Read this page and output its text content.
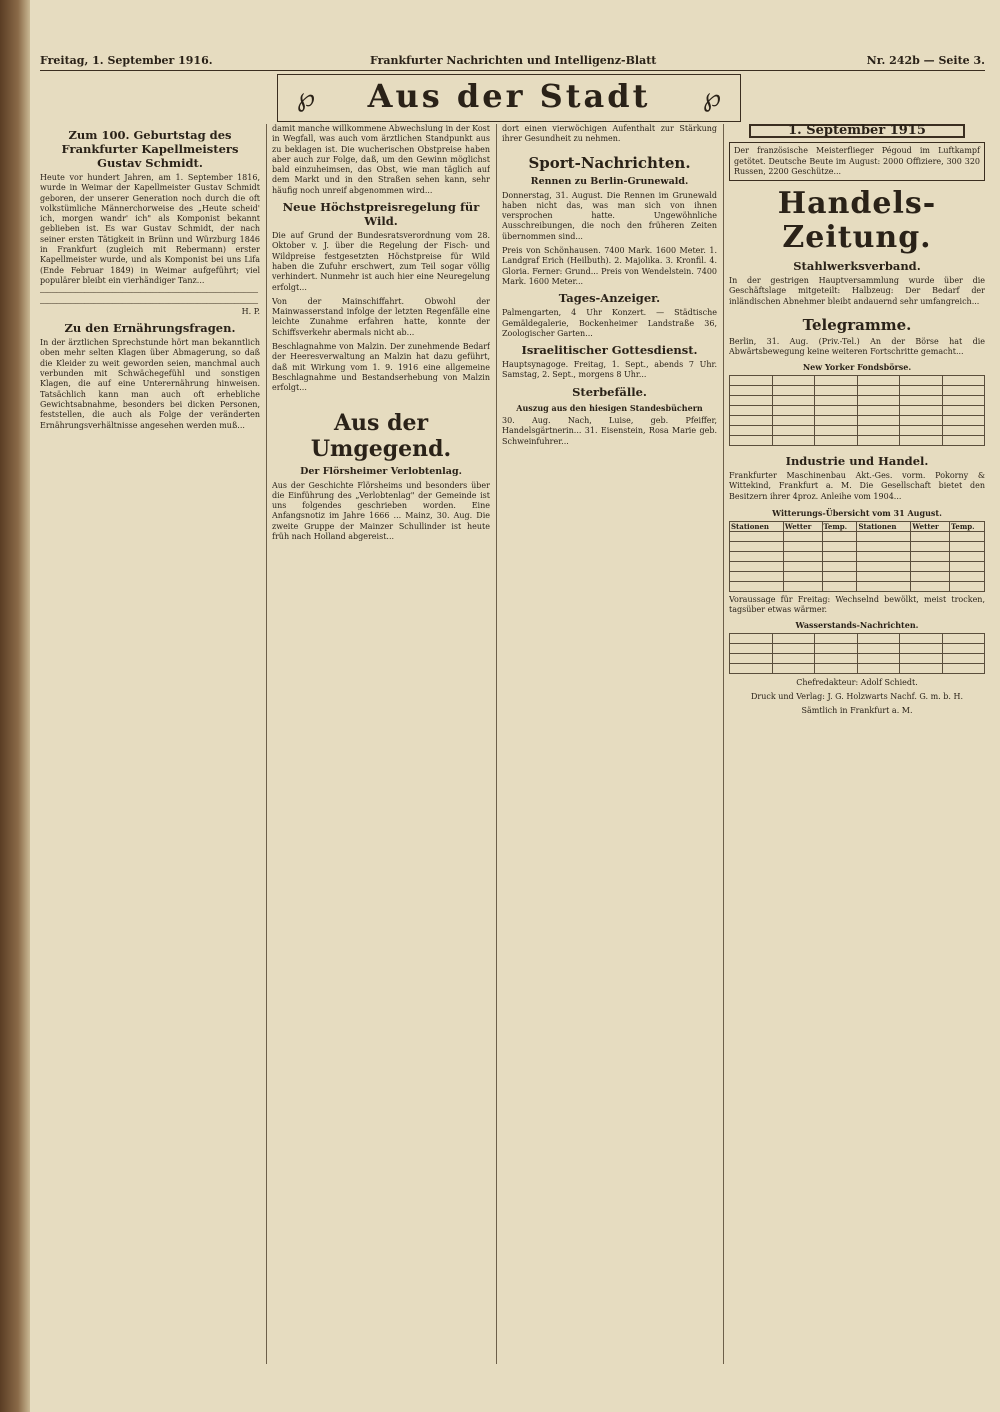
Freitag, 1. September 1916.	Frankfurter Nachrichten und Intelligenz-Blatt	Nr. 242b — Seite 3.
℘	Aus der Stadt	℘
Zum 100. Geburtstag des Frankfurter Kapellmeisters Gustav Schmidt.
Heute vor hundert Jahren, am 1. September 1816, wurde in Weimar der Kapellmeister Gustav Schmidt geboren, der unserer Generation noch durch die oft volkstümliche Männerchorweise des „Heute scheid' ich, morgen wandr' ich" als Komponist bekannt geblieben ist. Es war Gustav Schmidt, der nach seiner ersten Tätigkeit in Brünn und Würzburg 1846 in Frankfurt (zugleich mit Rebermann) erster Kapellmeister wurde, und als Komponist bei uns Lifa (Ende Februar 1849) in Weimar aufgeführt; viel populärer bleibt ein vierhändiger Tanz...
ــــــــــــــــــــــــــــــــــــــــــــــــــــــــــــــــــــــــــــــــــــــــــــــــــــــــــــــــــــــــــــــــــــــــــــــــــــــــــــــــــــــــــــــــــــــــــ
H. P.
Zu den Ernährungsfragen.
In der ärztlichen Sprechstunde hört man bekanntlich oben mehr selten Klagen über Abmagerung, so daß die Kleider zu weit geworden seien, manchmal auch verbunden mit Schwächegefühl und sonstigen Klagen, die auf eine Unterernährung hinweisen. Tatsächlich kann man auch oft erhebliche Gewichtsabnahme, besonders bei dicken Personen, feststellen, die auch als Folge der veränderten Ernährungsverhältnisse angesehen werden muß...
damit manche willkommene Abwechslung in der Kost in Wegfall, was auch vom ärztlichen Standpunkt aus zu beklagen ist. Die wucherischen Obstpreise haben aber auch zur Folge, daß, um den Gewinn möglichst bald einzuheimsen, das Obst, wie man täglich auf dem Markt und in den Straßen sehen kann, sehr häufig noch unreif abgenommen wird...
Neue Höchstpreisregelung für Wild.
Die auf Grund der Bundesratsverordnung vom 28. Oktober v. J. über die Regelung der Fisch- und Wildpreise festgesetzten Höchstpreise für Wild haben die Zufuhr erschwert, zum Teil sogar völlig verhindert. Nunmehr ist auch hier eine Neuregelung erfolgt...

Von der Mainschiffahrt. Obwohl der Mainwasserstand infolge der letzten Regenfälle eine leichte Zunahme erfahren hatte, konnte der Schiffsverkehr abermals nicht ab...

Beschlagnahme von Malzin. Der zunehmende Bedarf der Heeresverwaltung an Malzin hat dazu geführt, daß mit Wirkung vom 1. 9. 1916 eine allgemeine Beschlagnahme und Bestandserhebung von Malzin erfolgt...

Aus der Umgegend.
Der Flörsheimer Verlobtenlag.
Aus der Geschichte Flörsheims und besonders über die Einführung des „Verlobtenlag" der Gemeinde ist uns folgendes geschrieben worden. Eine Anfangsnotiz im Jahre 1666 ... Mainz, 30. Aug. Die zweite Gruppe der Mainzer Schullinder ist heute früh nach Holland abgereist...
dort einen vierwöchigen Aufenthalt zur Stärkung ihrer Gesundheit zu nehmen.
Sport-Nachrichten.
Rennen zu Berlin-Grunewald.
Donnerstag, 31. August. Die Rennen im Grunewald haben nicht das, was man sich von ihnen versprochen hatte. Ungewöhnliche Ausschreibungen, die noch den früheren Zeiten übernommen sind...

Preis von Schönhausen. 7400 Mark. 1600 Meter. 1. Landgraf Erich (Heilbuth). 2. Majolika. 3. Kronfil. 4. Gloria. Ferner: Grund... Preis von Wendelstein. 7400 Mark. 1600 Meter...

Tages-Anzeiger.
Palmengarten, 4 Uhr Konzert. — Städtische Gemäldegalerie, Bockenheimer Landstraße 36, Zoologischer Garten...
Israelitischer Gottesdienst.
Hauptsynagoge. Freitag, 1. Sept., abends 7 Uhr. Samstag, 2. Sept., morgens 8 Uhr...
Sterbefälle.
Auszug aus den hiesigen Standesbüchern
30. Aug. Nach, Luise, geb. Pfeiffer, Handelsgärtnerin... 31. Eisenstein, Rosa Marie geb. Schweinfuhrer...
1. September 1915
Der französische Meisterflieger Pégoud im Luftkampf getötet. Deutsche Beute im August: 2000 Offiziere, 300 320 Russen, 2200 Geschütze...
Handels-Zeitung.
Stahlwerksverband.
In der gestrigen Hauptversammlung wurde über die Geschäftslage mitgeteilt: Halbzeug: Der Bedarf der inländischen Abnehmer bleibt andauernd sehr umfangreich...
Telegramme.
Berlin, 31. Aug. (Priv.-Tel.) An der Börse hat die Abwärtsbewegung keine weiteren Fortschritte gemacht...
New Yorker Fondsbörse.

Industrie und Handel.
Frankfurter Maschinenbau Akt.-Ges. vorm. Pokorny & Wittekind, Frankfurt a. M. Die Gesellschaft bietet den Besitzern ihrer 4proz. Anleihe vom 1904...
Witterungs-Übersicht vom 31 August.
Stationen	Wetter	Temp.	Stationen	Wetter	Temp.

Voraussage für Freitag: Wechselnd bewölkt, meist trocken, tagsüber etwas wärmer.
Wasserstands-Nachrichten.

Chefredakteur: Adolf Schiedt.
Druck und Verlag: J. G. Holzwarts Nachf. G. m. b. H.
Sämtlich in Frankfurt a. M.
